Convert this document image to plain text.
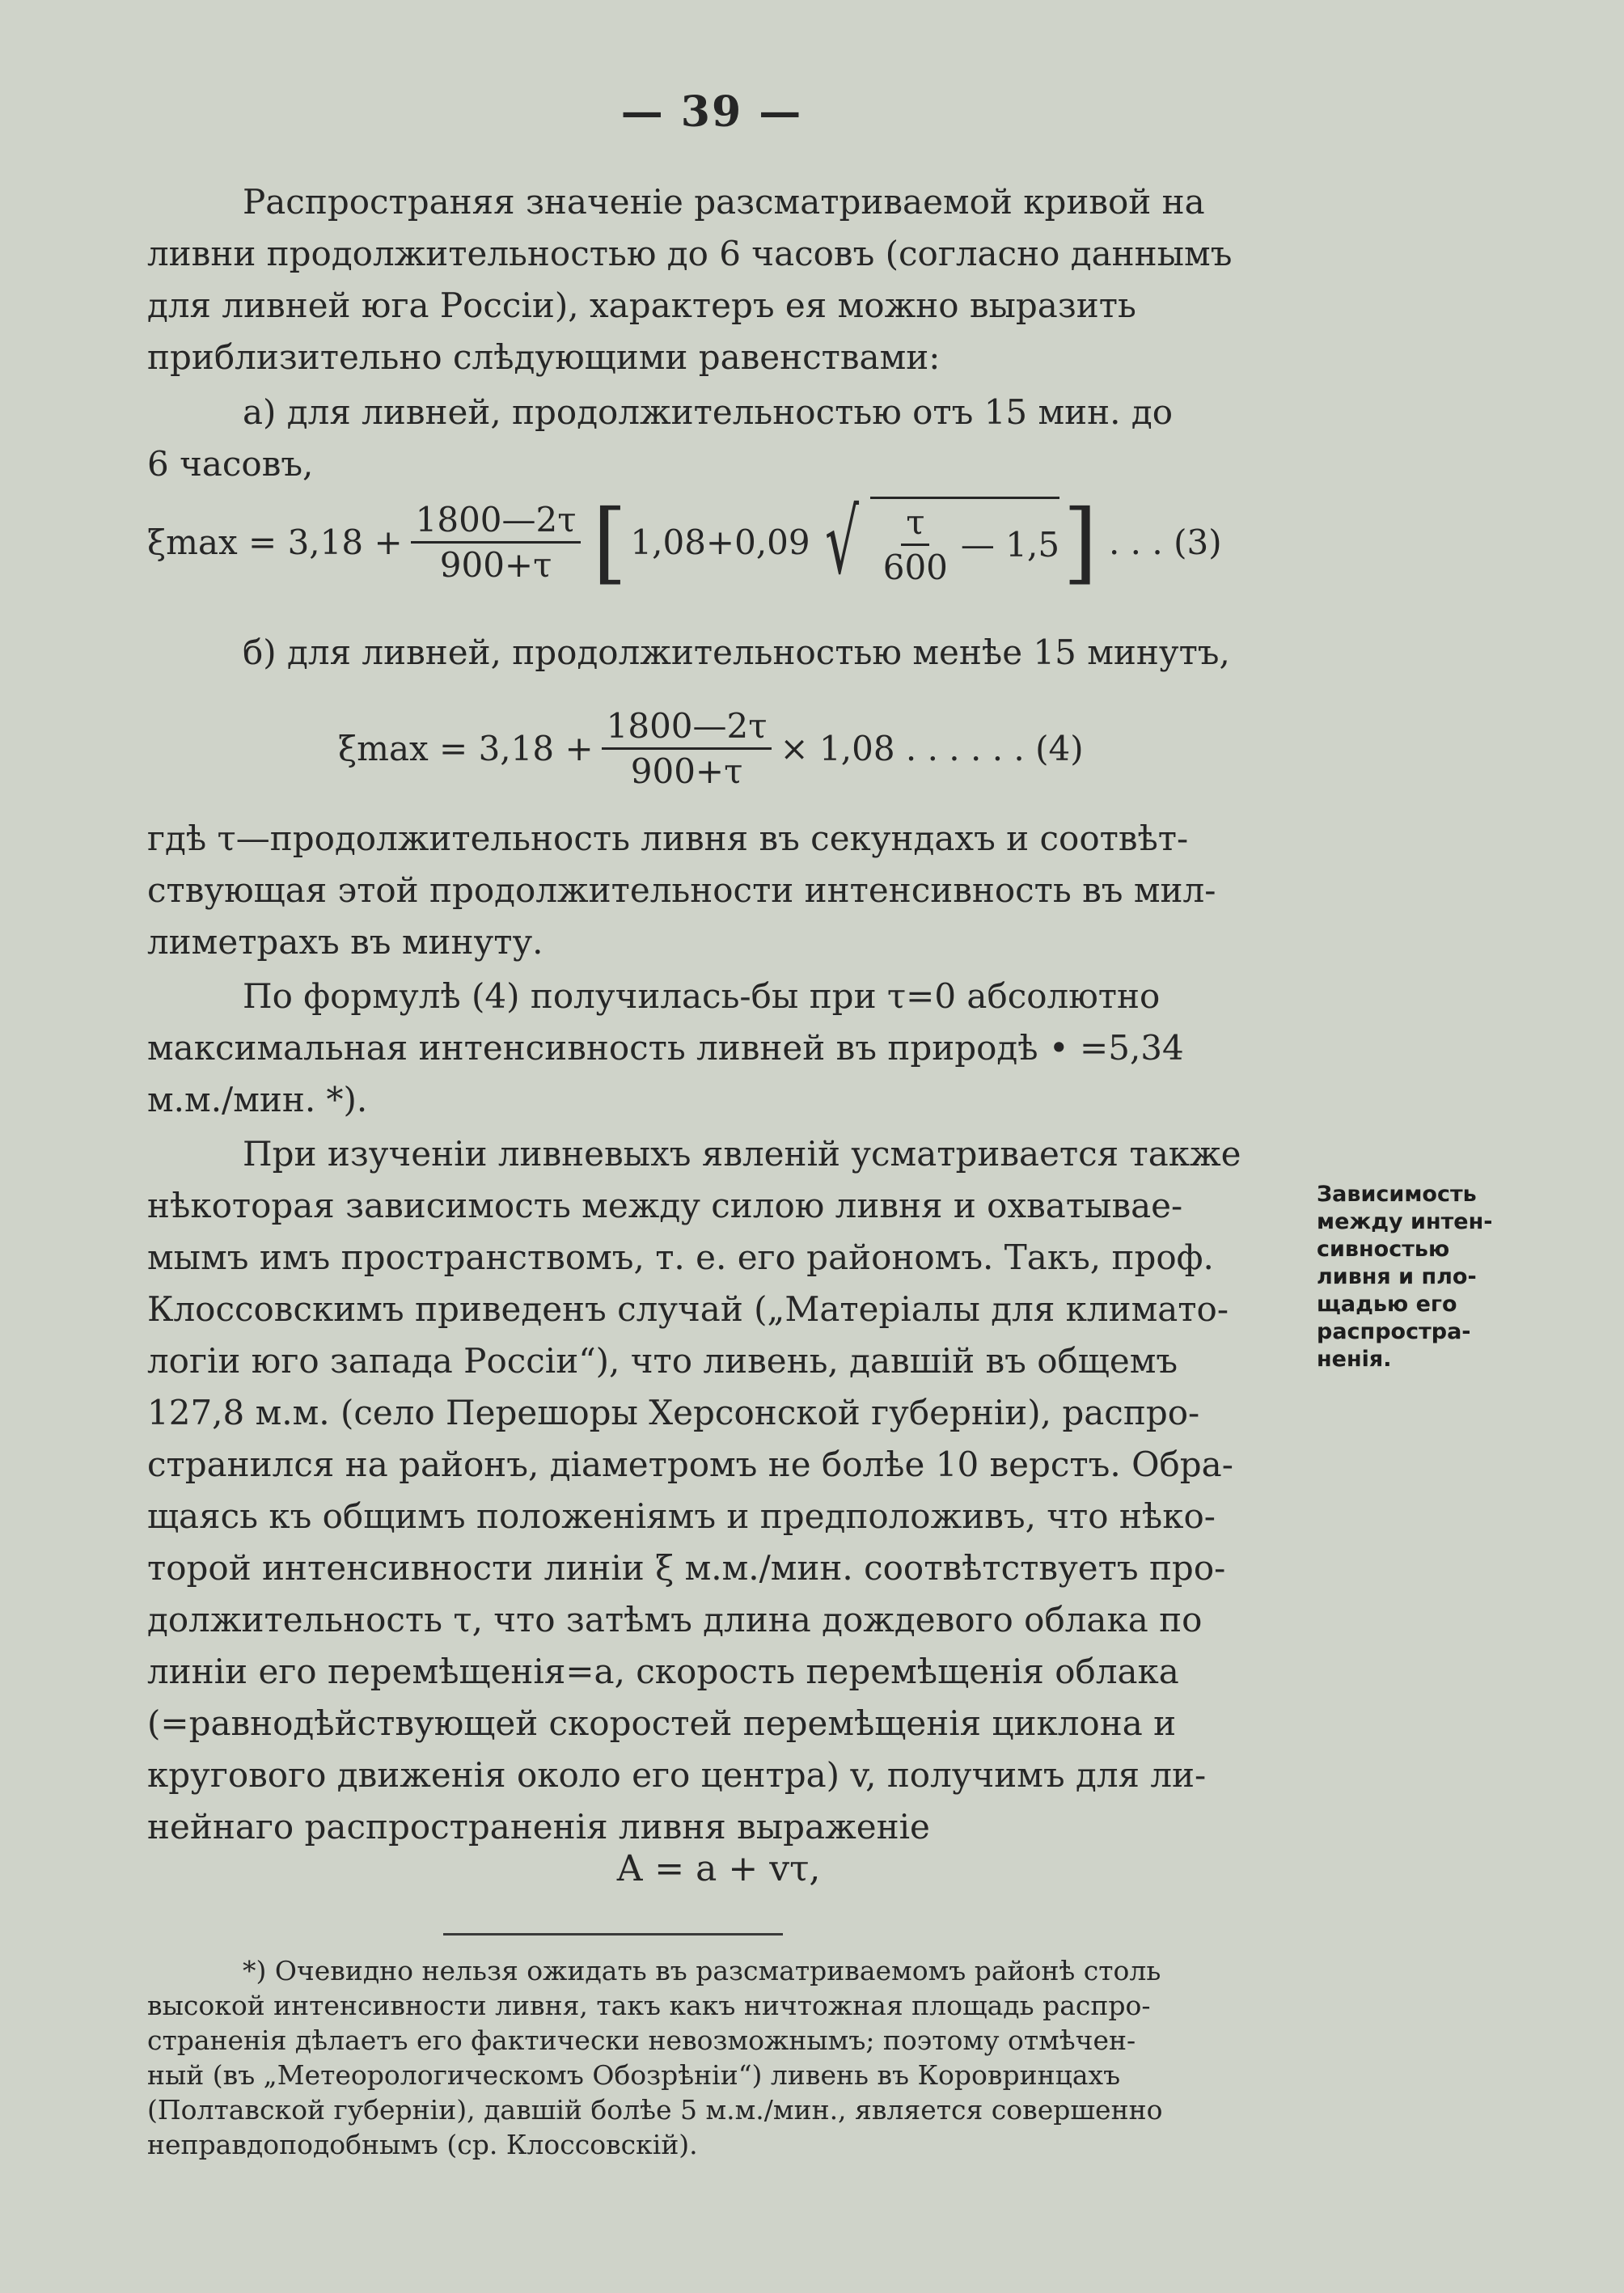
— 39 —
Распространяя значенiе разсматриваемой кривой на
ливни продолжительностью до 6 часовъ (согласно даннымъ
для ливней юга Россiи), характеръ ея можно выразить
приблизительно слѣдующими равенствами:
а) для ливней, продолжительностью отъ 15 мин. до
6 часовъ,
$\xi\max = 3,18 + \frac{1800—2\tau}{900+\tau}$ [ 1,08+0,09 √ $\frac{\tau}{600}$ — 1,5 ] . . . (3)
б) для ливней, продолжительностью менѣе 15 минутъ,
$\xi\max = 3,18 + \frac{1800—2\tau}{900+\tau} \times 1,08$ . . . . . . (4)
гдѣ τ—продолжительность ливня въ секундахъ и соотвѣт-
ствующая этой продолжительности интенсивность въ мил-
лиметрахъ въ минуту.
По формулѣ (4) получилась-бы при τ=0 абсолютно
максимальная интенсивность ливней въ природѣ • =5,34
м.м./мин. *).
При изученiи ливневыхъ явленiй усматривается также
нѣкоторая зависимость между силою ливня и охватывае-
мымъ имъ пространствомъ, т. е. его райономъ. Такъ, проф.
Клоссовскимъ приведенъ случай („Матерiалы для климато-
логiи юго запада Россiи“), что ливень, давшiй въ общемъ
127,8 м.м. (село Перешоры Херсонской губернiи), распро-
странился на районъ, дiаметромъ не болѣе 10 верстъ. Обра-
щаясь къ общимъ положенiямъ и предположивъ, что нѣко-
торой интенсивности линiи ξ м.м./мин. соотвѣтствуетъ про-
должительность τ, что затѣмъ длина дождевого облака по
линiи его перемѣщенiя=а, скорость перемѣщенiя облака
(=равнодѣйствующей скоростей перемѣщенiя циклона и
кругового движенiя около его центра) v, получимъ для ли-
нейнаго распространенiя ливня выраженiе
А = а + vτ,
Зависимость
между интен-
сивностью
ливня и пло-
щадью его
распростра-
ненiя.
*) Очевидно нельзя ожидать въ разсматриваемомъ районѣ столь
высокой интенсивности ливня, такъ какъ ничтожная площадь распро-
страненiя дѣлаетъ его фактически невозможнымъ; поэтому отмѣчен-
ный (въ „Метеорологическомъ Обозрѣнiи“) ливень въ Коровринцахъ
(Полтавской губернiи), давшiй болѣе 5 м.м./мин., является совершенно
неправдоподобнымъ (ср. Клоссовскiй).
